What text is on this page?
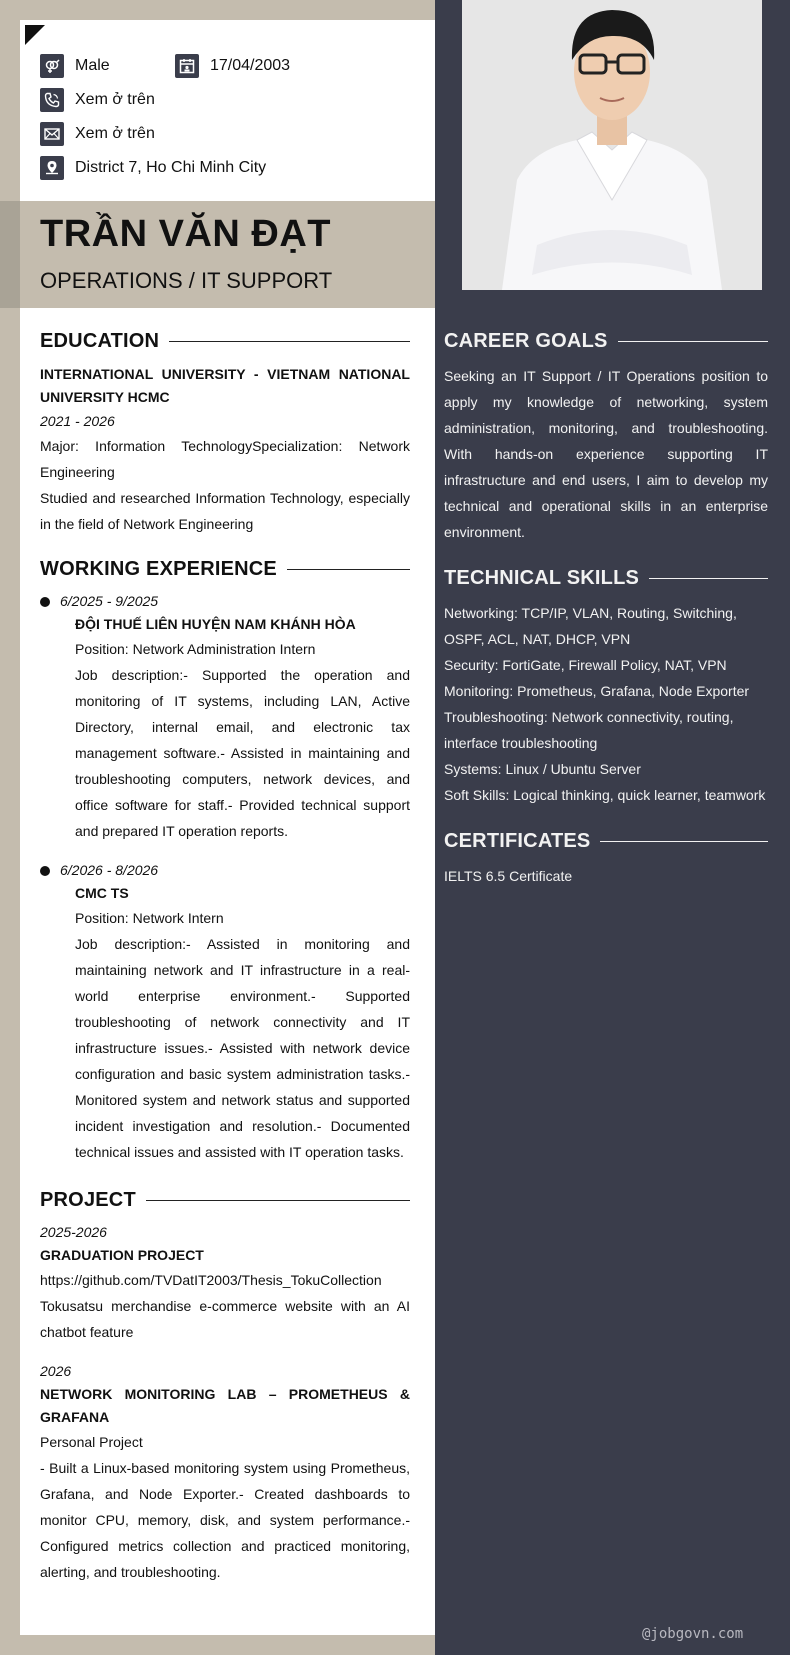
Male	17/04/2003
Xem ở trên
Xem ở trên
District 7, Ho Chi Minh City
TRẦN VĂN ĐẠT
OPERATIONS / IT SUPPORT
EDUCATION
INTERNATIONAL UNIVERSITY - VIETNAM NATIONAL UNIVERSITY HCMC
2021 - 2026
Major: Information TechnologySpecialization: Network Engineering
Studied and researched Information Technology, especially in the field of Network Engineering
WORKING EXPERIENCE
6/2025 - 9/2025
ĐỘI THUẾ LIÊN HUYỆN NAM KHÁNH HÒA
Position: Network Administration Intern
Job description:- Supported the operation and monitoring of IT systems, including LAN, Active Directory, internal email, and electronic tax management software.- Assisted in maintaining and troubleshooting computers, network devices, and office software for staff.- Provided technical support and prepared IT operation reports.
6/2026 - 8/2026
CMC TS
Position: Network Intern
Job description:- Assisted in monitoring and maintaining network and IT infrastructure in a real-world enterprise environment.- Supported troubleshooting of network connectivity and IT infrastructure issues.- Assisted with network device configuration and basic system administration tasks.- Monitored system and network status and supported incident investigation and resolution.- Documented technical issues and assisted with IT operation tasks.
PROJECT
2025-2026
GRADUATION PROJECT
https://github.com/TVDatIT2003/Thesis_TokuCollection
Tokusatsu merchandise e-commerce website with an AI chatbot feature
2026
NETWORK MONITORING LAB – PROMETHEUS & GRAFANA
Personal Project
- Built a Linux-based monitoring system using Prometheus, Grafana, and Node Exporter.- Created dashboards to monitor CPU, memory, disk, and system performance.- Configured metrics collection and practiced monitoring, alerting, and troubleshooting.
CAREER GOALS
Seeking an IT Support / IT Operations position to apply my knowledge of networking, system administration, monitoring, and troubleshooting. With hands-on experience supporting IT infrastructure and end users, I aim to develop my technical and operational skills in an enterprise environment.
TECHNICAL SKILLS
Networking: TCP/IP, VLAN, Routing, Switching, OSPF, ACL, NAT, DHCP, VPN
Security: FortiGate, Firewall Policy, NAT, VPN
Monitoring: Prometheus, Grafana, Node Exporter
Troubleshooting: Network connectivity, routing, interface troubleshooting
Systems: Linux / Ubuntu Server
Soft Skills: Logical thinking, quick learner, teamwork
CERTIFICATES
IELTS 6.5 Certificate
@jobgovn.com
